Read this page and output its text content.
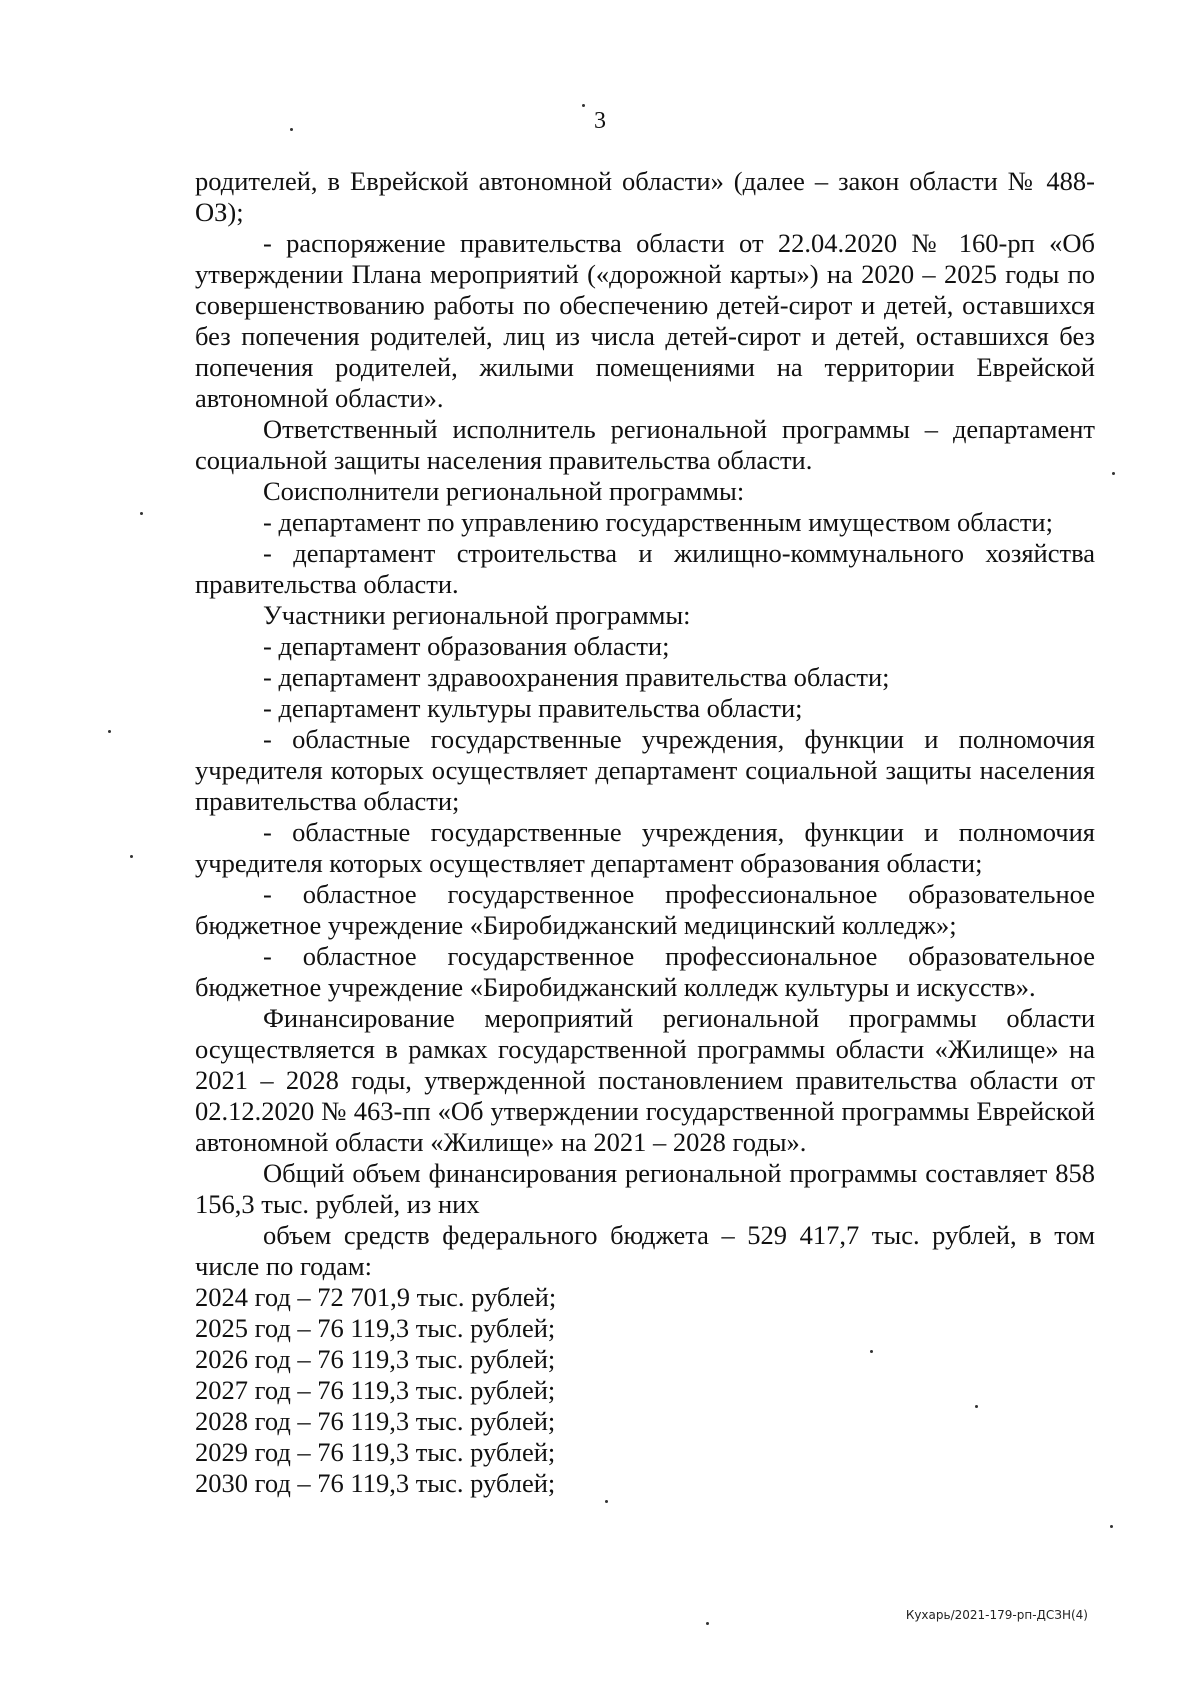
3

родителей, в Еврейской автономной области» (далее – закон области № 488-ОЗ);

- распоряжение правительства области от 22.04.2020 № 160-рп «Об утверждении Плана мероприятий («дорожной карты») на 2020 – 2025 годы по совершенствованию работы по обеспечению детей-сирот и детей, оставшихся без попечения родителей, лиц из числа детей-сирот и детей, оставшихся без попечения родителей, жилыми помещениями на территории Еврейской автономной области».

Ответственный исполнитель региональной программы – департамент социальной защиты населения правительства области.

Соисполнители региональной программы:

- департамент по управлению государственным имуществом области;

- департамент строительства и жилищно-коммунального хозяйства правительства области.

Участники региональной программы:

- департамент образования области;

- департамент здравоохранения правительства области;

- департамент культуры правительства области;

- областные государственные учреждения, функции и полномочия учредителя которых осуществляет департамент социальной защиты населения правительства области;

- областные государственные учреждения, функции и полномочия учредителя которых осуществляет департамент образования области;

- областное государственное профессиональное образовательное бюджетное учреждение «Биробиджанский медицинский колледж»;

- областное государственное профессиональное образовательное бюджетное учреждение «Биробиджанский колледж культуры и искусств».

Финансирование мероприятий региональной программы области осуществляется в рамках государственной программы области «Жилище» на 2021 – 2028 годы, утвержденной постановлением правительства области от 02.12.2020 № 463-пп «Об утверждении государственной программы Еврейской автономной области «Жилище» на 2021 – 2028 годы».

Общий объем финансирования региональной программы составляет 858 156,3 тыс. рублей, из них

объем средств федерального бюджета – 529 417,7 тыс. рублей, в том числе по годам:

2024 год – 72 701,9 тыс. рублей;

2025 год – 76 119,3 тыс. рублей;

2026 год – 76 119,3 тыс. рублей;

2027 год – 76 119,3 тыс. рублей;

2028 год – 76 119,3 тыс. рублей;

2029 год – 76 119,3 тыс. рублей;

2030 год – 76 119,3 тыс. рублей;

Кухарь/2021-179-рп-ДСЗН(4)
